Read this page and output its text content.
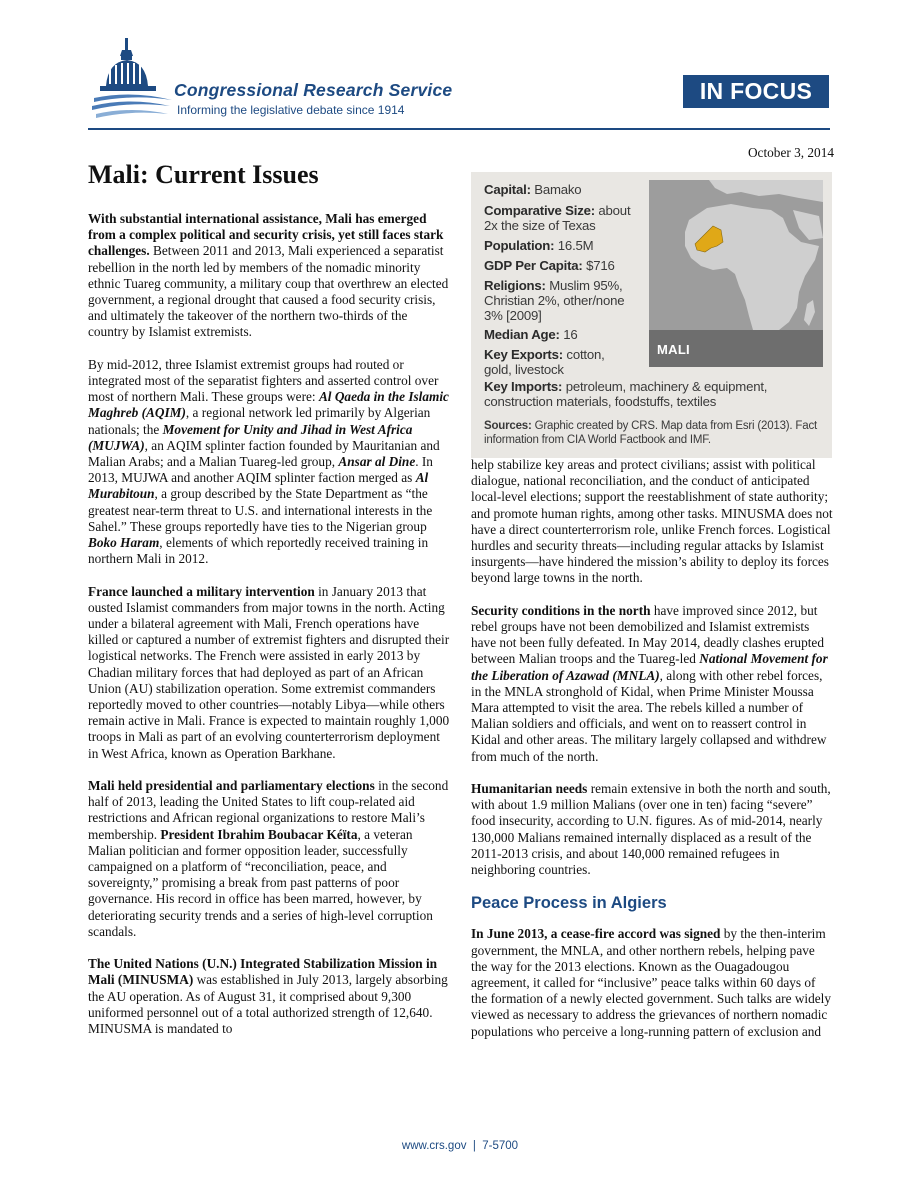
Congressional Research Service
Informing the legislative debate since 1914
IN FOCUS
October 3, 2014
Mali: Current Issues

With substantial international assistance, Mali has emerged from a complex political and security crisis, yet still faces stark challenges. Between 2011 and 2013, Mali experienced a separatist rebellion in the north led by members of the nomadic minority ethnic Tuareg community, a military coup that overthrew an elected government, a regional drought that caused a food security crisis, and ultimately the takeover of the northern two-thirds of the country by Islamist extremists.

By mid-2012, three Islamist extremist groups had routed or integrated most of the separatist fighters and asserted control over most of northern Mali. These groups were: Al Qaeda in the Islamic Maghreb (AQIM), a regional network led primarily by Algerian nationals; the Movement for Unity and Jihad in West Africa (MUJWA), an AQIM splinter faction founded by Mauritanian and Malian Arabs; and a Malian Tuareg-led group, Ansar al Dine. In 2013, MUJWA and another AQIM splinter faction merged as Al Murabitoun, a group described by the State Department as “the greatest near-term threat to U.S. and international interests in the Sahel.” These groups reportedly have ties to the Nigerian group Boko Haram, elements of which reportedly received training in northern Mali in 2012.

France launched a military intervention in January 2013 that ousted Islamist commanders from major towns in the north. Acting under a bilateral agreement with Mali, French operations have killed or captured a number of extremist fighters and disrupted their logistical networks. The French were assisted in early 2013 by Chadian military forces that had deployed as part of an African Union (AU) stabilization operation. Some extremist commanders reportedly moved to other countries—notably Libya—while others remain active in Mali. France is expected to maintain roughly 1,000 troops in Mali as part of an evolving counterterrorism deployment in West Africa, known as Operation Barkhane.

Mali held presidential and parliamentary elections in the second half of 2013, leading the United States to lift coup-related aid restrictions and African regional organizations to restore Mali’s membership. President Ibrahim Boubacar Kéïta, a veteran Malian politician and former opposition leader, successfully campaigned on a platform of “reconciliation, peace, and sovereignty,” promising a break from past patterns of poor governance. His record in office has been marred, however, by deteriorating security trends and a series of high-level corruption scandals.

The United Nations (U.N.) Integrated Stabilization Mission in Mali (MINUSMA) was established in July 2013, largely absorbing the AU operation. As of August 31, it comprised about 9,300 uniformed personnel out of a total authorized strength of 12,640. MINUSMA is mandated to

Capital: Bamako
Comparative Size: about 2x the size of Texas
Population: 16.5M
GDP Per Capita: $716
Religions: Muslim 95%, Christian 2%, other/none 3% [2009]
Median Age: 16
Key Exports: cotton, gold, livestock
Key Imports: petroleum, machinery & equipment, construction materials, foodstuffs, textiles
Sources: Graphic created by CRS. Map data from Esri (2013). Fact information from CIA World Factbook and IMF.
MALI

help stabilize key areas and protect civilians; assist with political dialogue, national reconciliation, and the conduct of anticipated local-level elections; support the reestablishment of state authority; and promote human rights, among other tasks. MINUSMA does not have a direct counterterrorism role, unlike French forces. Logistical hurdles and security threats—including regular attacks by Islamist insurgents—have hindered the mission’s ability to deploy its forces beyond large towns in the north.

Security conditions in the north have improved since 2012, but rebel groups have not been demobilized and Islamist extremists have not been fully defeated. In May 2014, deadly clashes erupted between Malian troops and the Tuareg-led National Movement for the Liberation of Azawad (MNLA), along with other rebel forces, in the MNLA stronghold of Kidal, when Prime Minister Moussa Mara attempted to visit the area. The rebels killed a number of Malian soldiers and officials, and went on to reassert control in Kidal and other areas. The military largely collapsed and withdrew from much of the north.

Humanitarian needs remain extensive in both the north and south, with about 1.9 million Malians (over one in ten) facing “severe” food insecurity, according to U.N. figures. As of mid-2014, nearly 130,000 Malians remained internally displaced as a result of the 2011-2013 crisis, and about 140,000 remained refugees in neighboring countries.

Peace Process in Algiers

In June 2013, a cease-fire accord was signed by the then-interim government, the MNLA, and other northern rebels, helping pave the way for the 2013 elections. Known as the Ouagadougou agreement, it called for “inclusive” peace talks within 60 days of the formation of a newly elected government. Such talks are widely viewed as necessary to address the grievances of northern nomadic populations who perceive a long-running pattern of exclusion and

www.crs.gov | 7-5700
